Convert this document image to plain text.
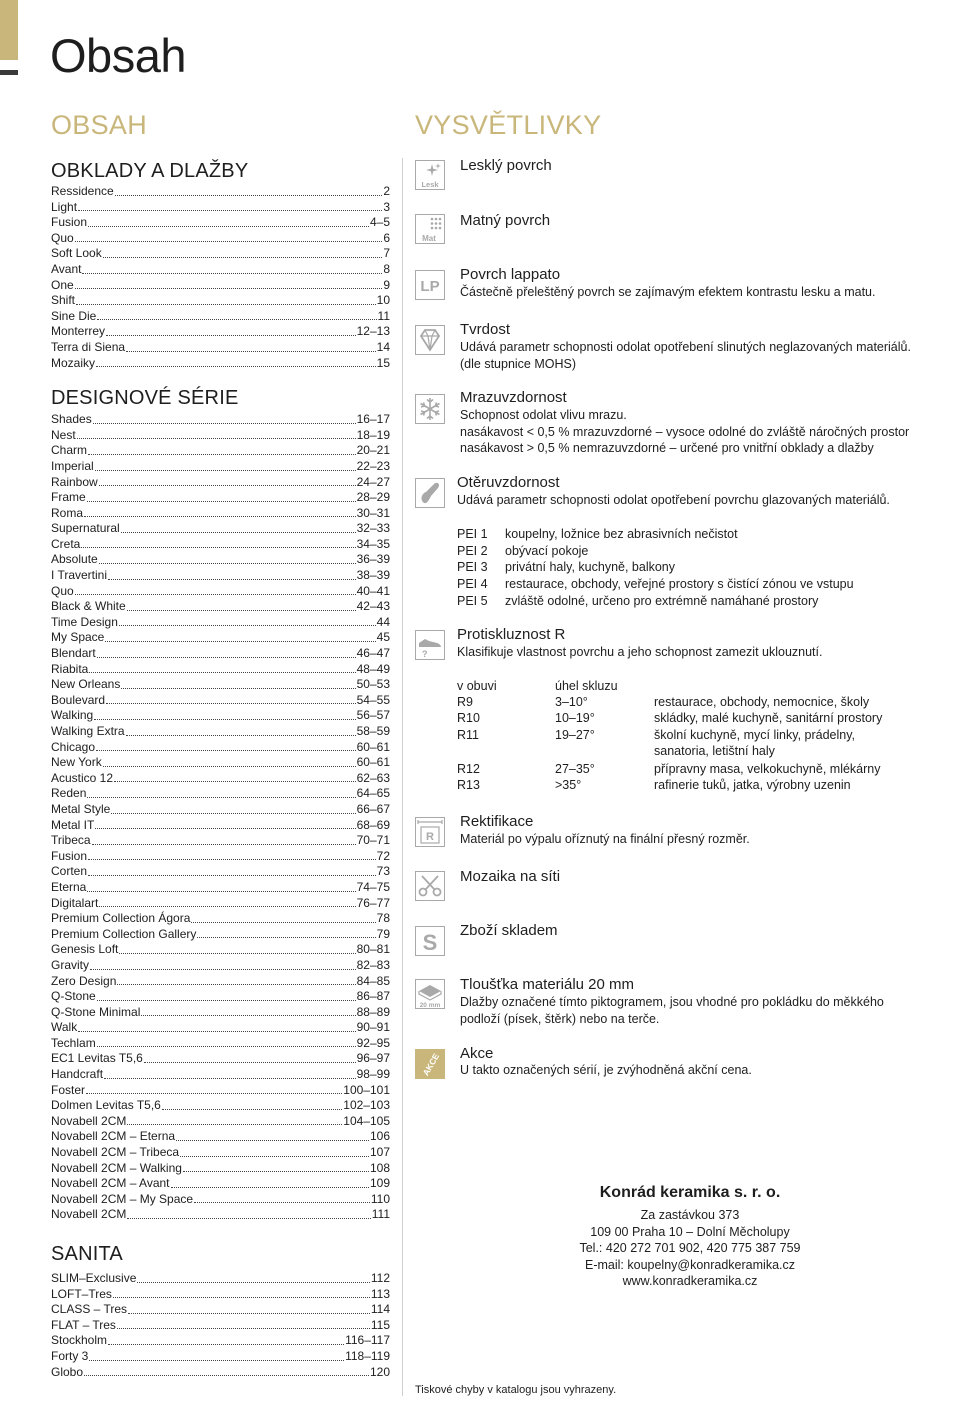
Obsah
OBSAH
OBKLADY A DLAŽBY
Ressidence	2
Light	3
Fusion	4–5
Quo	6
Soft Look	7
Avant	8
One	9
Shift	10
Sine Die	11
Monterrey	12–13
Terra di Siena	14
Mozaiky	15
DESIGNOVÉ SÉRIE
Shades	16–17
Nest	18–19
Charm	20–21
Imperial	22–23
Rainbow	24–27
Frame	28–29
Roma	30–31
Supernatural	32–33
Creta	34–35
Absolute	36–39
I Travertini	38–39
Quo	40–41
Black & White	42–43
Time Design	44
My Space	45
Blendart	46–47
Riabita	48–49
New Orleans	50–53
Boulevard	54–55
Walking	56–57
Walking Extra	58–59
Chicago	60–61
New York	60–61
Acustico 12	62–63
Reden	64–65
Metal Style	66–67
Metal IT	68–69
Tribeca	70–71
Fusion	72
Corten	73
Eterna	74–75
Digitalart	76–77
Premium Collection Ágora	78
Premium Collection Gallery	79
Genesis Loft	80–81
Gravity	82–83
Zero Design	84–85
Q-Stone	86–87
Q-Stone Minimal	88–89
Walk	90–91
Techlam	92–95
EC1 Levitas T5,6	96–97
Handcraft	98–99
Foster	100–101
Dolmen Levitas T5,6	102–103
Novabell 2CM	104–105
Novabell 2CM – Eterna	106
Novabell 2CM – Tribeca	107
Novabell 2CM – Walking	108
Novabell 2CM – Avant	109
Novabell 2CM – My Space	110
Novabell 2CM	111
SANITA
SLIM–Exclusive	112
LOFT–Tres	113
CLASS – Tres	114
FLAT – Tres	115
Stockholm	116–117
Forty 3	118–119
Globo	120
VYSVĚTLIVKY
Lesk
Lesklý povrch
Mat
Matný povrch
LP
Povrch lappato
Částečně přeleštěný povrch se zajímavým efektem kontrastu lesku a matu.
Tvrdost
Udává parametr schopnosti odolat opotřebení slinutých neglazovaných materiálů.
(dle stupnice MOHS)
Mrazuvzdornost
Schopnost odolat vlivu mrazu.
nasákavost < 0,5 % mrazuvzdorné – vysoce odolné do zvláště náročných prostor
nasákavost > 0,5 % nemrazuvzdorné – určené pro vnitřní obklady a dlažby
Otěruvzdornost
Udává parametr schopnosti odolat opotřebení povrchu glazovaných materiálů.
PEI 1 koupelny, ložnice bez abrasivních nečistot
PEI 2 obývací pokoje
PEI 3 privátní haly, kuchyně, balkony
PEI 4 restaurace, obchody, veřejné prostory s čistící zónou ve vstupu
PEI 5 zvláště odolné, určeno pro extrémně namáhané prostory
?
Protiskluznost R
Klasifikuje vlastnost povrchu a jeho schopnost zamezit uklouznutí.
v obuvi	úhel skluzu
R9	3–10°	restaurace, obchody, nemocnice, školy
R10	10–19°	skládky, malé kuchyně, sanitární prostory
R11	19–27°	školní kuchyně, mycí linky, prádelny,
sanatoria, letištní haly
R12	27–35°	přípravny masa, velkokuchyně, mlékárny
R13	>35°	rafinerie tuků, jatka, výrobny uzenin
R
Rektifikace
Materiál po výpalu oříznutý na finální přesný rozměr.
Mozaika na síti
S Zboží skladem
20 mm
Tloušťka materiálu 20 mm
Dlažby označené tímto piktogramem, jsou vhodné pro pokládku do měkkého
podloží (písek, štěrk) nebo na terče.
AKCE Akce
U takto označených sérií, je zvýhodněná akční cena.
Konrád keramika s. r. o.
Za zastávkou 373
109 00 Praha 10 – Dolní Měcholupy
Tel.: 420 272 701 902, 420 775 387 759
E-mail: koupelny@konradkeramika.cz
www.konradkeramika.cz
Tiskové chyby v katalogu jsou vyhrazeny.
